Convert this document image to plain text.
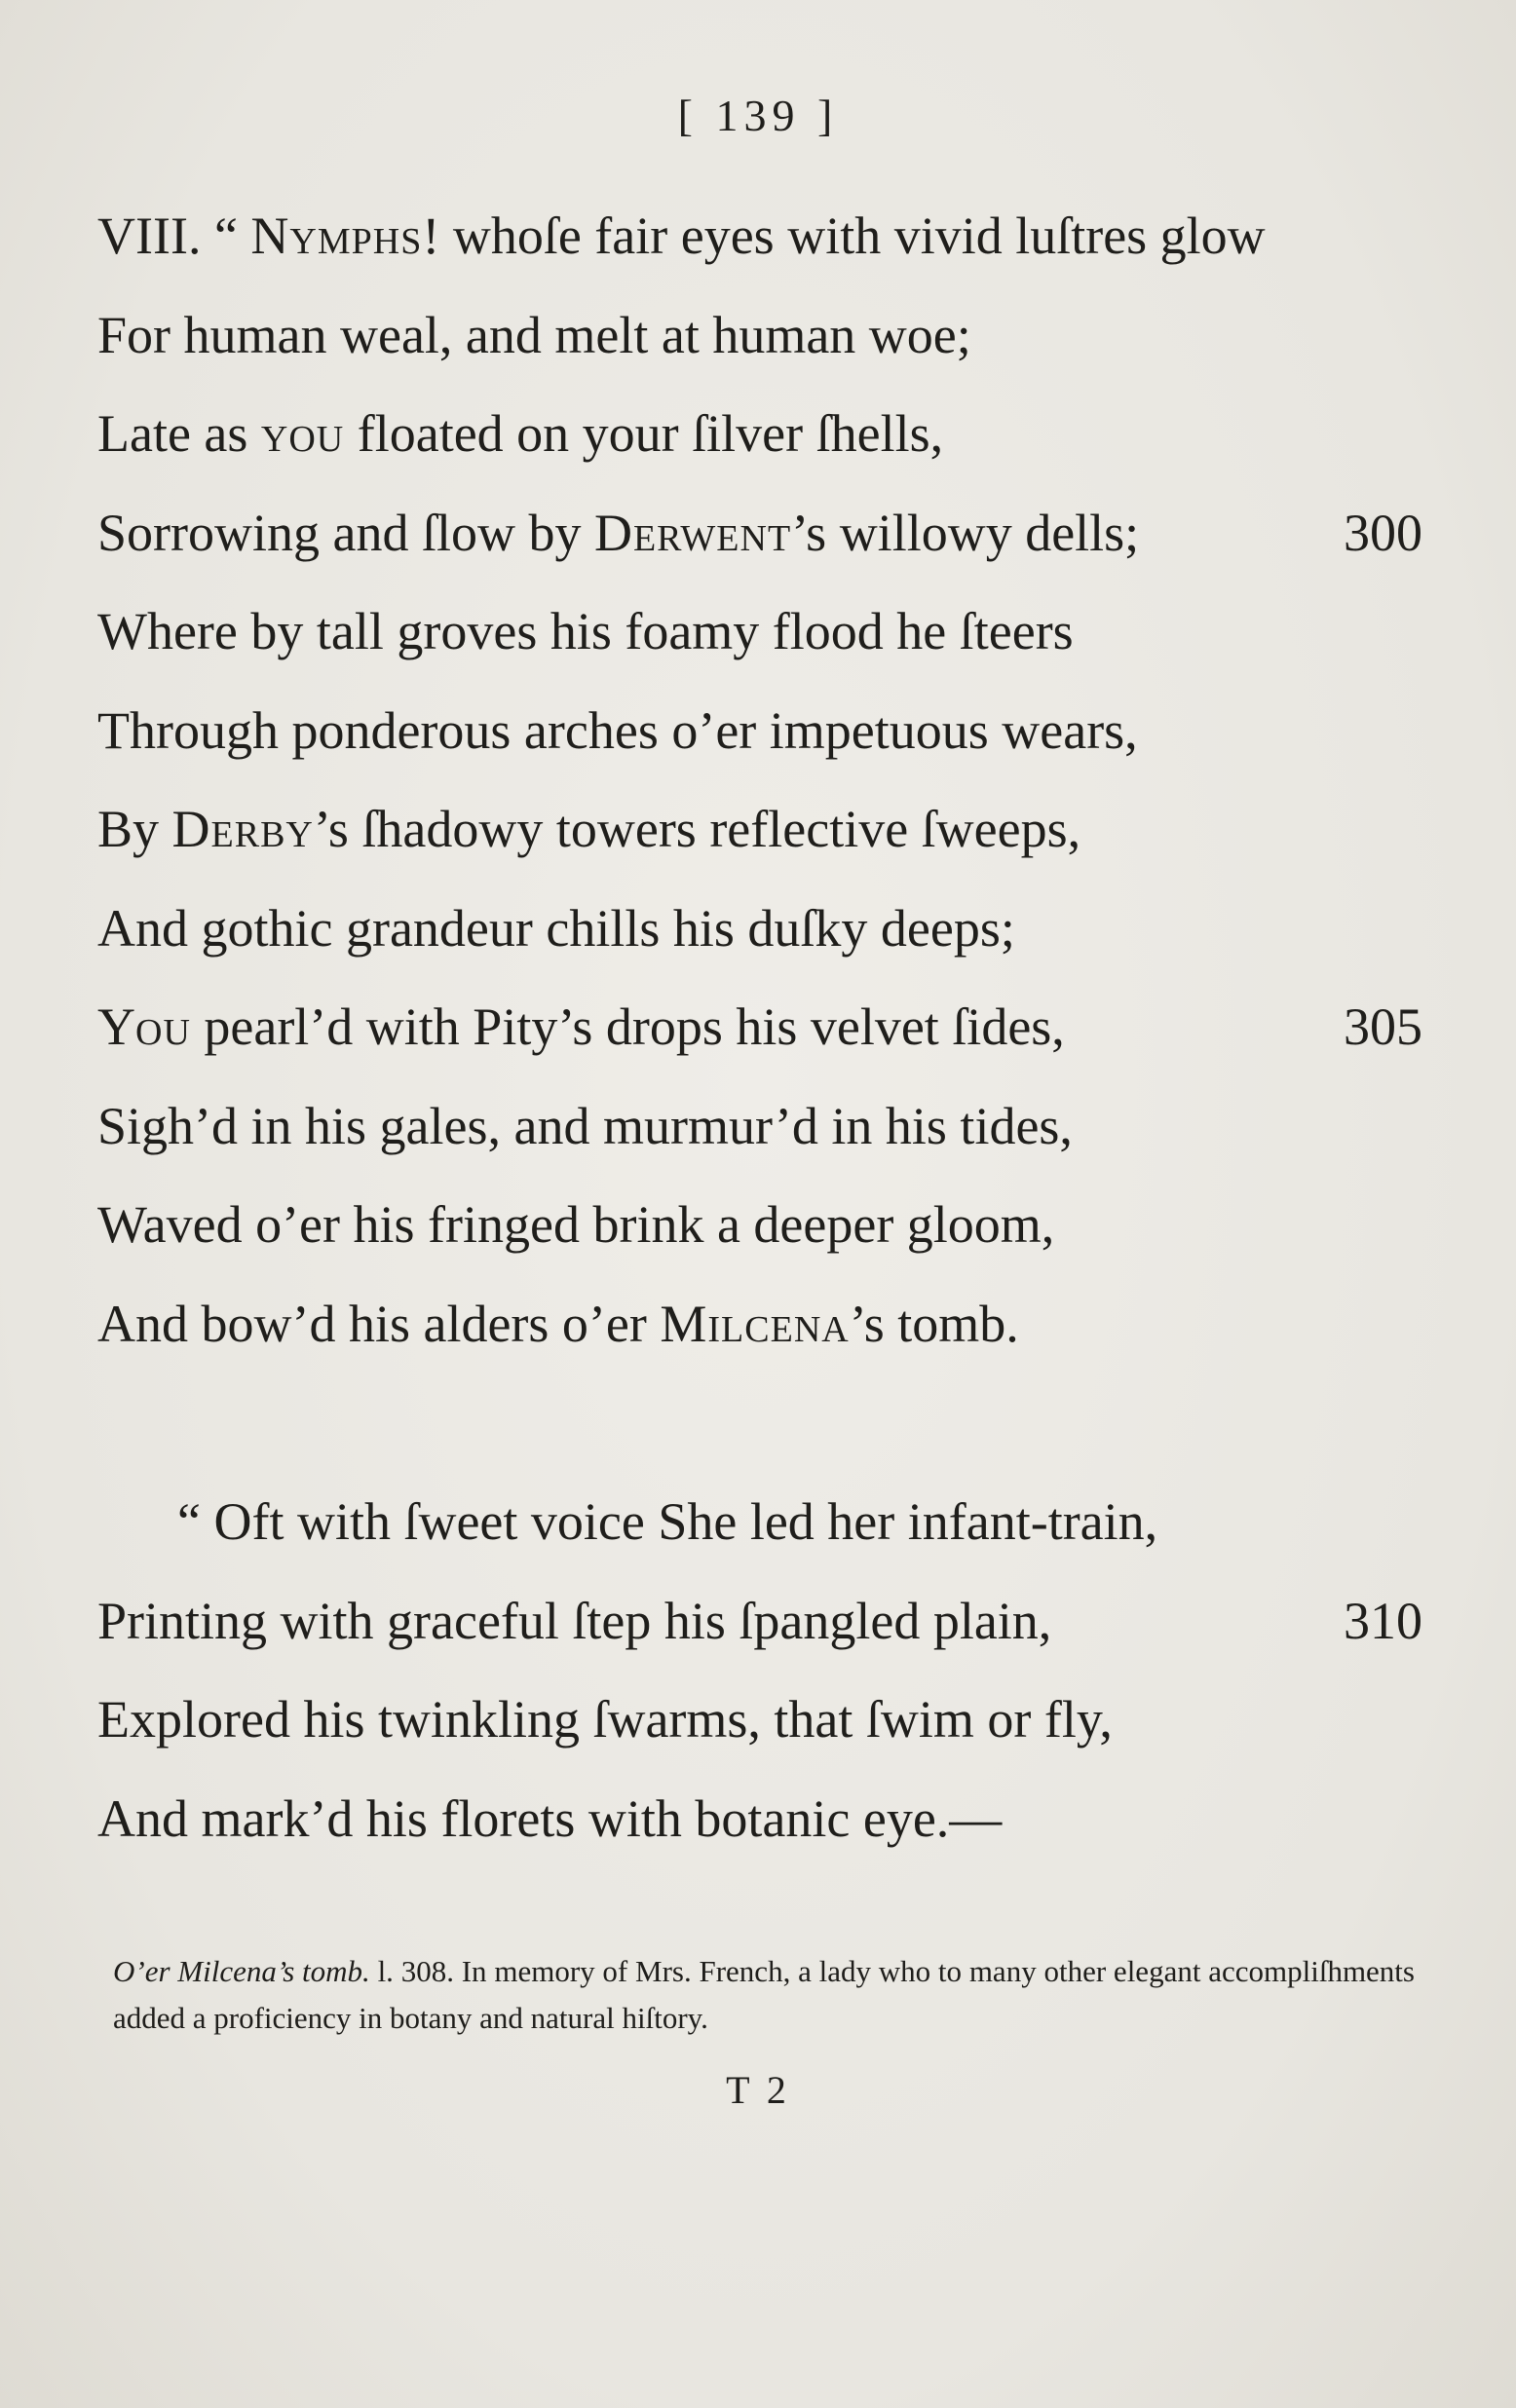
[ 139 ]
VIII. “ Nymphs! whoſe fair eyes with vivid luſtres glow
For human weal, and melt at human woe;
Late as you floated on your ſilver ſhells,
Sorrowing and ſlow by Derwent’s willowy dells;	300
Where by tall groves his foamy flood he ſteers
Through ponderous arches o’er impetuous wears,
By Derby’s ſhadowy towers reflective ſweeps,
And gothic grandeur chills his duſky deeps;
You pearl’d with Pity’s drops his velvet ſides,	305
Sigh’d in his gales, and murmur’d in his tides,
Waved o’er his fringed brink a deeper gloom,
And bow’d his alders o’er Milcena’s tomb.
“ Oft with ſweet voice She led her infant-train,
Printing with graceful ſtep his ſpangled plain,	310
Explored his twinkling ſwarms, that ſwim or fly,
And mark’d his florets with botanic eye.—
O’er Milcena’s tomb. l. 308. In memory of Mrs. French, a lady who to many other elegant accompliſhments added a proficiency in botany and natural hiſtory.
T 2
